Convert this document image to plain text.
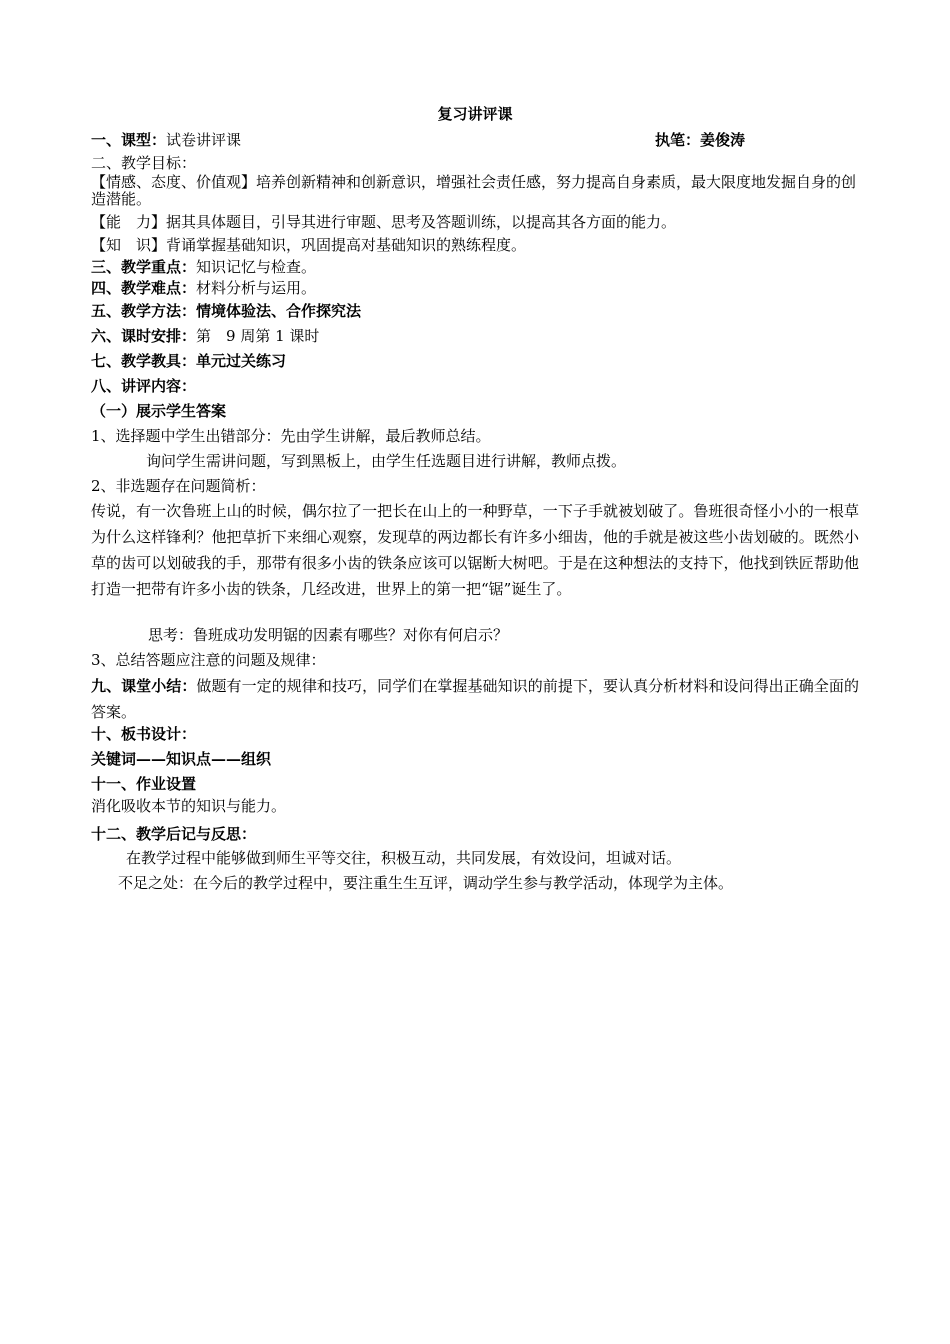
复习讲评课
一、课型：试卷讲评课	执笔：姜俊涛
二、教学目标：
【情感、态度、价值观】培养创新精神和创新意识，增强社会责任感，努力提高自身素质，最大限度地发掘自身的创造潜能。
【能　力】据其具体题目，引导其进行审题、思考及答题训练，以提高其各方面的能力。
【知　识】背诵掌握基础知识，巩固提高对基础知识的熟练程度。
三、教学重点：知识记忆与检查。
四、教学难点：材料分析与运用。
五、教学方法：情境体验法、合作探究法
六、课时安排：第　9 周第 1 课时
七、教学教具：单元过关练习
八、讲评内容：
（一）展示学生答案
1、选择题中学生出错部分：先由学生讲解，最后教师总结。
询问学生需讲问题，写到黑板上，由学生任选题目进行讲解，教师点拨。
2、非选题存在问题简析：
传说，有一次鲁班上山的时候，偶尔拉了一把长在山上的一种野草，一下子手就被划破了。鲁班很奇怪小小的一根草为什么这样锋利？他把草折下来细心观察，发现草的两边都长有许多小细齿，他的手就是被这些小齿划破的。既然小草的齿可以划破我的手，那带有很多小齿的铁条应该可以锯断大树吧。于是在这种想法的支持下，他找到铁匠帮助他打造一把带有许多小齿的铁条，几经改进，世界上的第一把“锯”诞生了。
思考：鲁班成功发明锯的因素有哪些？对你有何启示？
3、总结答题应注意的问题及规律：
九、课堂小结：做题有一定的规律和技巧，同学们在掌握基础知识的前提下，要认真分析材料和设问得出正确全面的答案。
十、板书设计：
关键词——知识点——组织
十一、作业设置
消化吸收本节的知识与能力。
十二、教学后记与反思：
在教学过程中能够做到师生平等交往，积极互动，共同发展，有效设问，坦诚对话。
不足之处：在今后的教学过程中，要注重生生互评，调动学生参与教学活动，体现学为主体。
